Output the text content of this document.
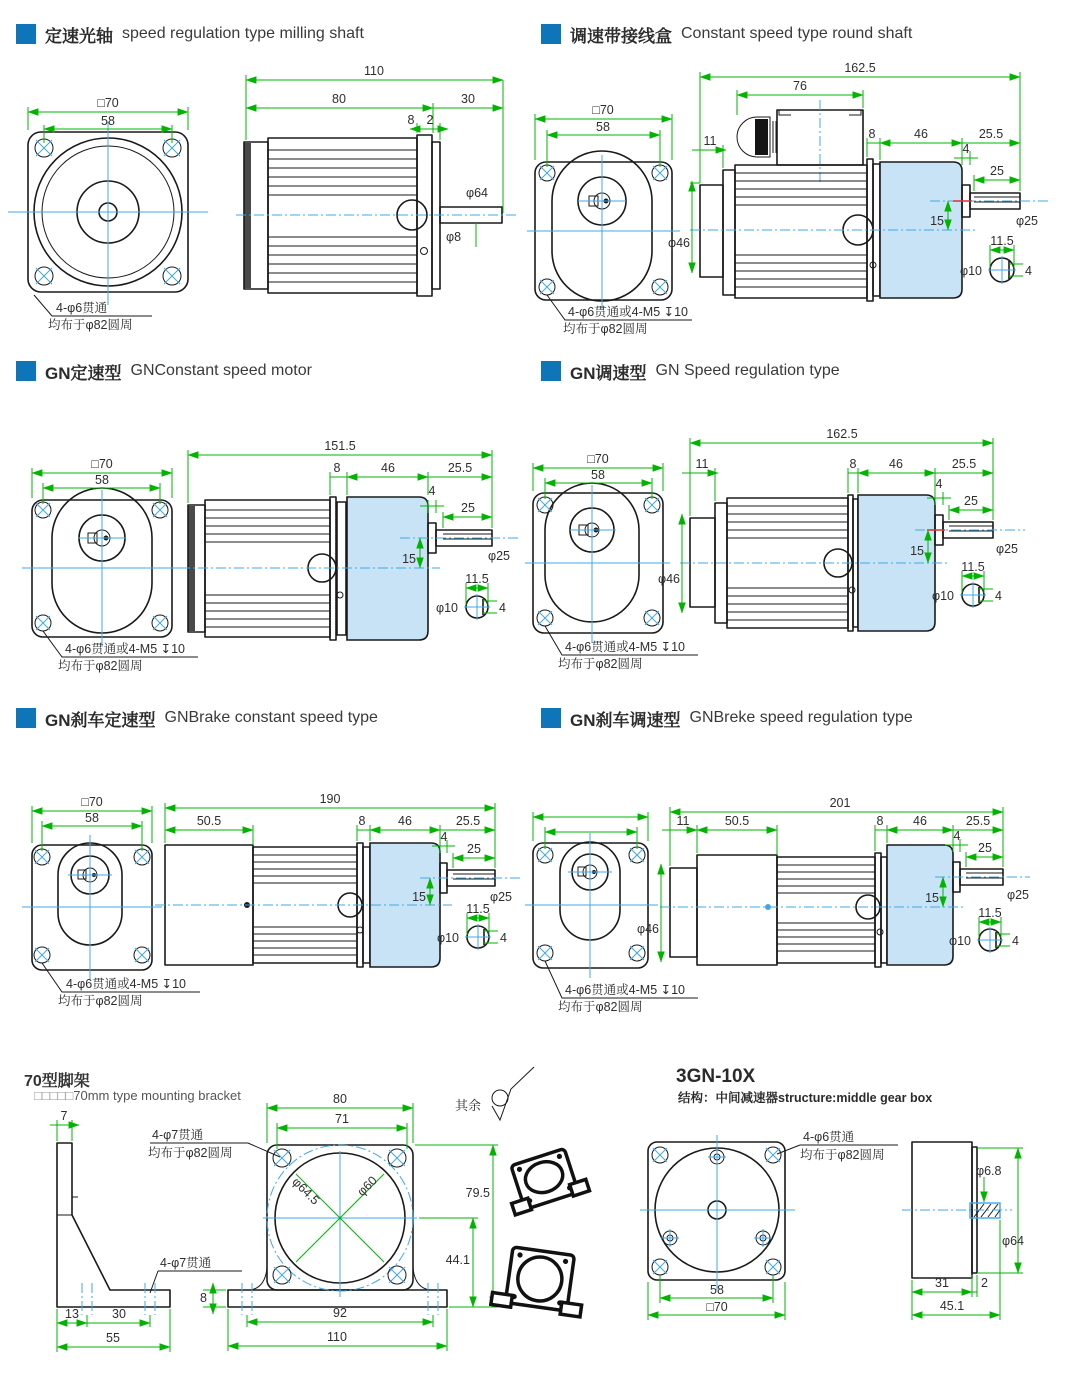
定速光轴 speed regulation type milling shaft	调速带接线盒 Constant speed type round shaft
GN定速型 GNConstant speed motor	GN调速型 GN Speed regulation type
GN刹车定速型 GNBrake constant speed type	GN刹车调速型 GNBreke speed regulation type
□70
58
4-φ6贯通
均布于φ82圆周
110
80	30
8 2
φ64
φ8
□70
58
4-φ6贯通或4-M5 ↧10
均布于φ82圆周
162.5
76
11	8	46	25.5
4
25
φ25
15
φ46	11.5
φ10	4
□70
58
4-φ6贯通或4-M5 ↧10
均布于φ82圆周
151.5
8	46	25.5
4
25
φ25
15
11.5
φ10	4
□70
58
4-φ6贯通或4-M5 ↧10
均布于φ82圆周
162.5
11	8	46	25.5
4
25
φ25
15
φ46
11.5
φ10	4
□70
58
4-φ6贯通或4-M5 ↧10
均布于φ82圆周
190
50.5	8	46	25.5
4
25
φ25
15
11.5
φ10	4
4-φ6贯通或4-M5 ↧10
均布于φ82圆周
201
11	50.5	8 46	25.5
4
25
φ25
15
φ46
11.5
φ10	4
70型脚架
□□□□□70mm type mounting bracket
其余
7
13	30
55
4-φ7贯通
φ64.5	φ60
4-φ7贯通
均布于φ82圆周
80
71
79.5
44.1
8
92
110
3GN-10X
结构：中间减速器structure:middle gear box
4-φ6贯通
均布于φ82圆周
58
□70
φ6.8
φ64
31	2
45.1
